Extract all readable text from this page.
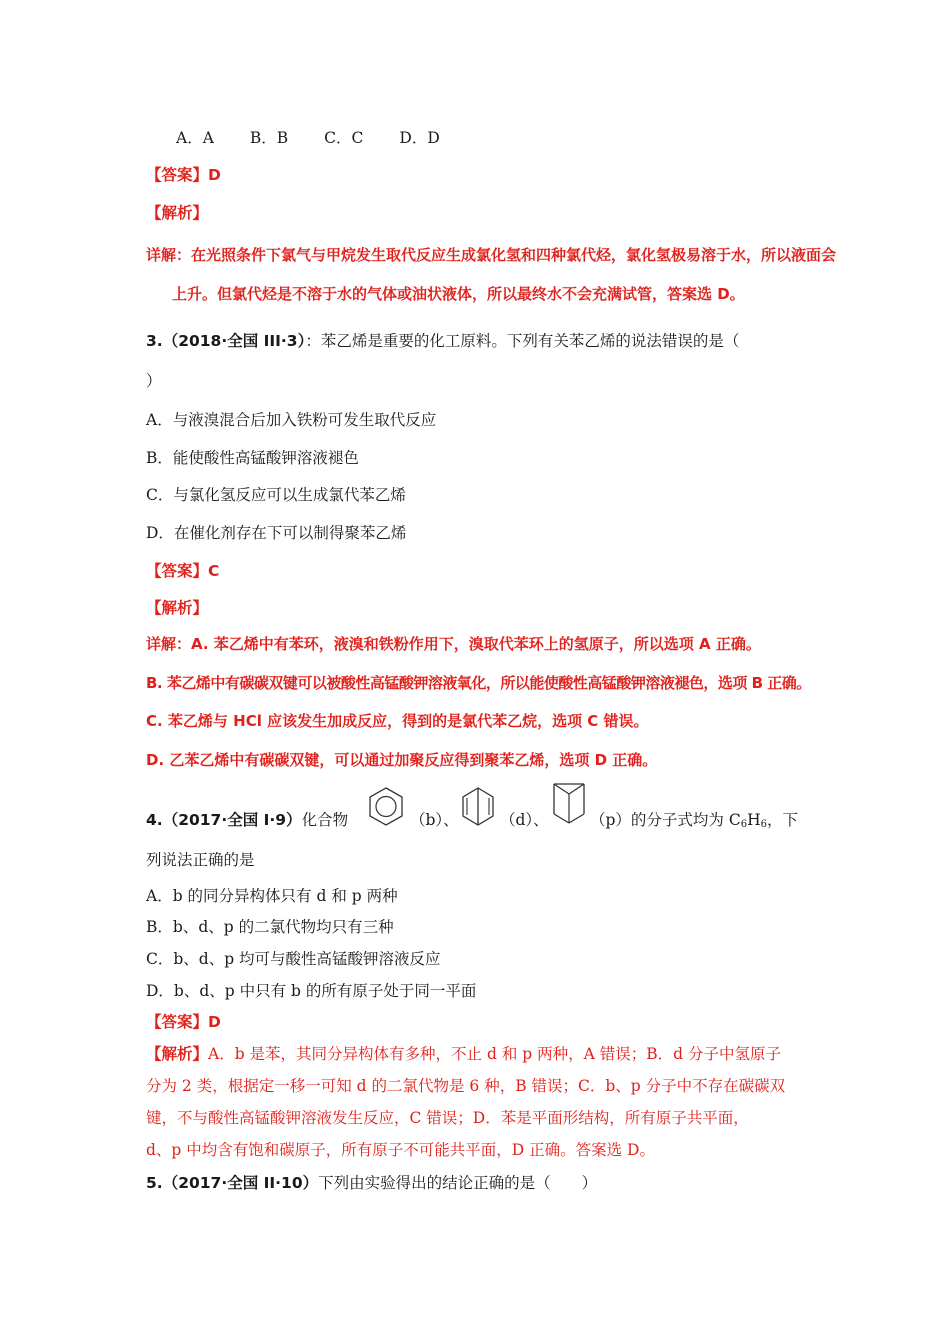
A．A B．B C．C D．D
【答案】D
【解析】
详解：在光照条件下氯气与甲烷发生取代反应生成氯化氢和四种氯代烃，氯化氢极易溶于水，所以液面会
上升。但氯代烃是不溶于水的气体或油状液体，所以最终水不会充满试管，答案选 D。
3.（2018·全国 III·3）：苯乙烯是重要的化工原料。下列有关苯乙烯的说法错误的是（
）
A．与液溴混合后加入铁粉可发生取代反应
B．能使酸性高锰酸钾溶液褪色
C．与氯化氢反应可以生成氯代苯乙烯
D．在催化剂存在下可以制得聚苯乙烯
【答案】C
【解析】
详解：A. 苯乙烯中有苯环，液溴和铁粉作用下，溴取代苯环上的氢原子，所以选项 A 正确。
B. 苯乙烯中有碳碳双键可以被酸性高锰酸钾溶液氧化，所以能使酸性高锰酸钾溶液褪色，选项 B 正确。
C. 苯乙烯与 HCl 应该发生加成反应，得到的是氯代苯乙烷，选项 C 错误。
D. 乙苯乙烯中有碳碳双键，可以通过加聚反应得到聚苯乙烯，选项 D 正确。
4.（2017·全国 I·9）化合物	（b）、	（d）、	（p）的分子式均为 C6H6，下
列说法正确的是
A．b 的同分异构体只有 d 和 p 两种
B．b、d、p 的二氯代物均只有三种
C．b、d、p 均可与酸性高锰酸钾溶液反应
D．b、d、p 中只有 b 的所有原子处于同一平面
【答案】D
【解析】A．b 是苯，其同分异构体有多种，不止 d 和 p 两种，A 错误；B．d 分子中氢原子
分为 2 类，根据定一移一可知 d 的二氯代物是 6 种，B 错误；C．b、p 分子中不存在碳碳双
键，不与酸性高锰酸钾溶液发生反应，C 错误；D．苯是平面形结构，所有原子共平面，
d、p 中均含有饱和碳原子，所有原子不可能共平面，D 正确。答案选 D。
5.（2017·全国 II·10）下列由实验得出的结论正确的是（　　）
